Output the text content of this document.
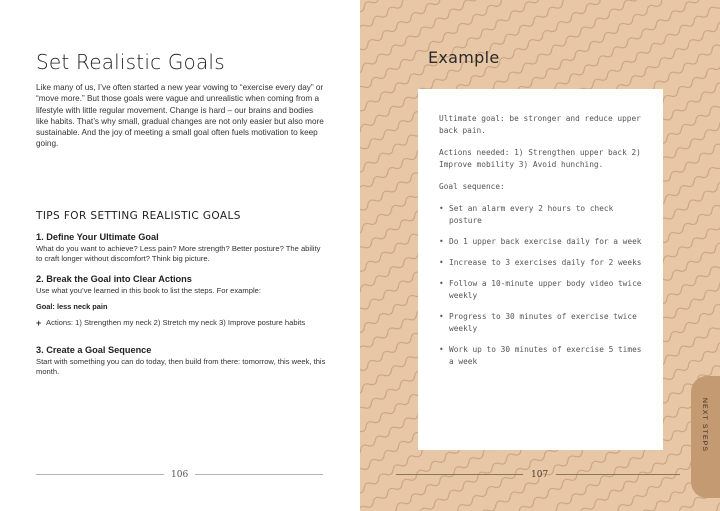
Set Realistic Goals
Like many of us, I’ve often started a new year vowing to “exercise every day” or “move more.” But those goals were vague and unrealistic when coming from a lifestyle with little regular movement. Change is hard – our brains and bodies like habits. That’s why small, gradual changes are not only easier but also more sustainable. And the joy of meeting a small goal often fuels motivation to keep going.
TIPS FOR SETTING REALISTIC GOALS
1. Define Your Ultimate Goal
What do you want to achieve? Less pain? More strength? Better posture? The ability to craft longer without discomfort? Think big picture.
2. Break the Goal into Clear Actions
Use what you’ve learned in this book to list the steps. For example:
Goal: less neck pain
+ Actions: 1) Strengthen my neck 2) Stretch my neck 3) Improve posture habits
3. Create a Goal Sequence
Start with something you can do today, then build from there: tomorrow, this week, this month.
106
Example
Ultimate goal: be stronger and reduce upper back pain.
Actions needed: 1) Strengthen upper back 2) Improve mobility 3) Avoid hunching.
Goal sequence:
• Set an alarm every 2 hours to check posture
• Do 1 upper back exercise daily for a week
• Increase to 3 exercises daily for 2 weeks
• Follow a 10-minute upper body video twice weekly
• Progress to 30 minutes of exercise twice weekly
• Work up to 30 minutes of exercise 5 times a week
107
NEXT STEPS
